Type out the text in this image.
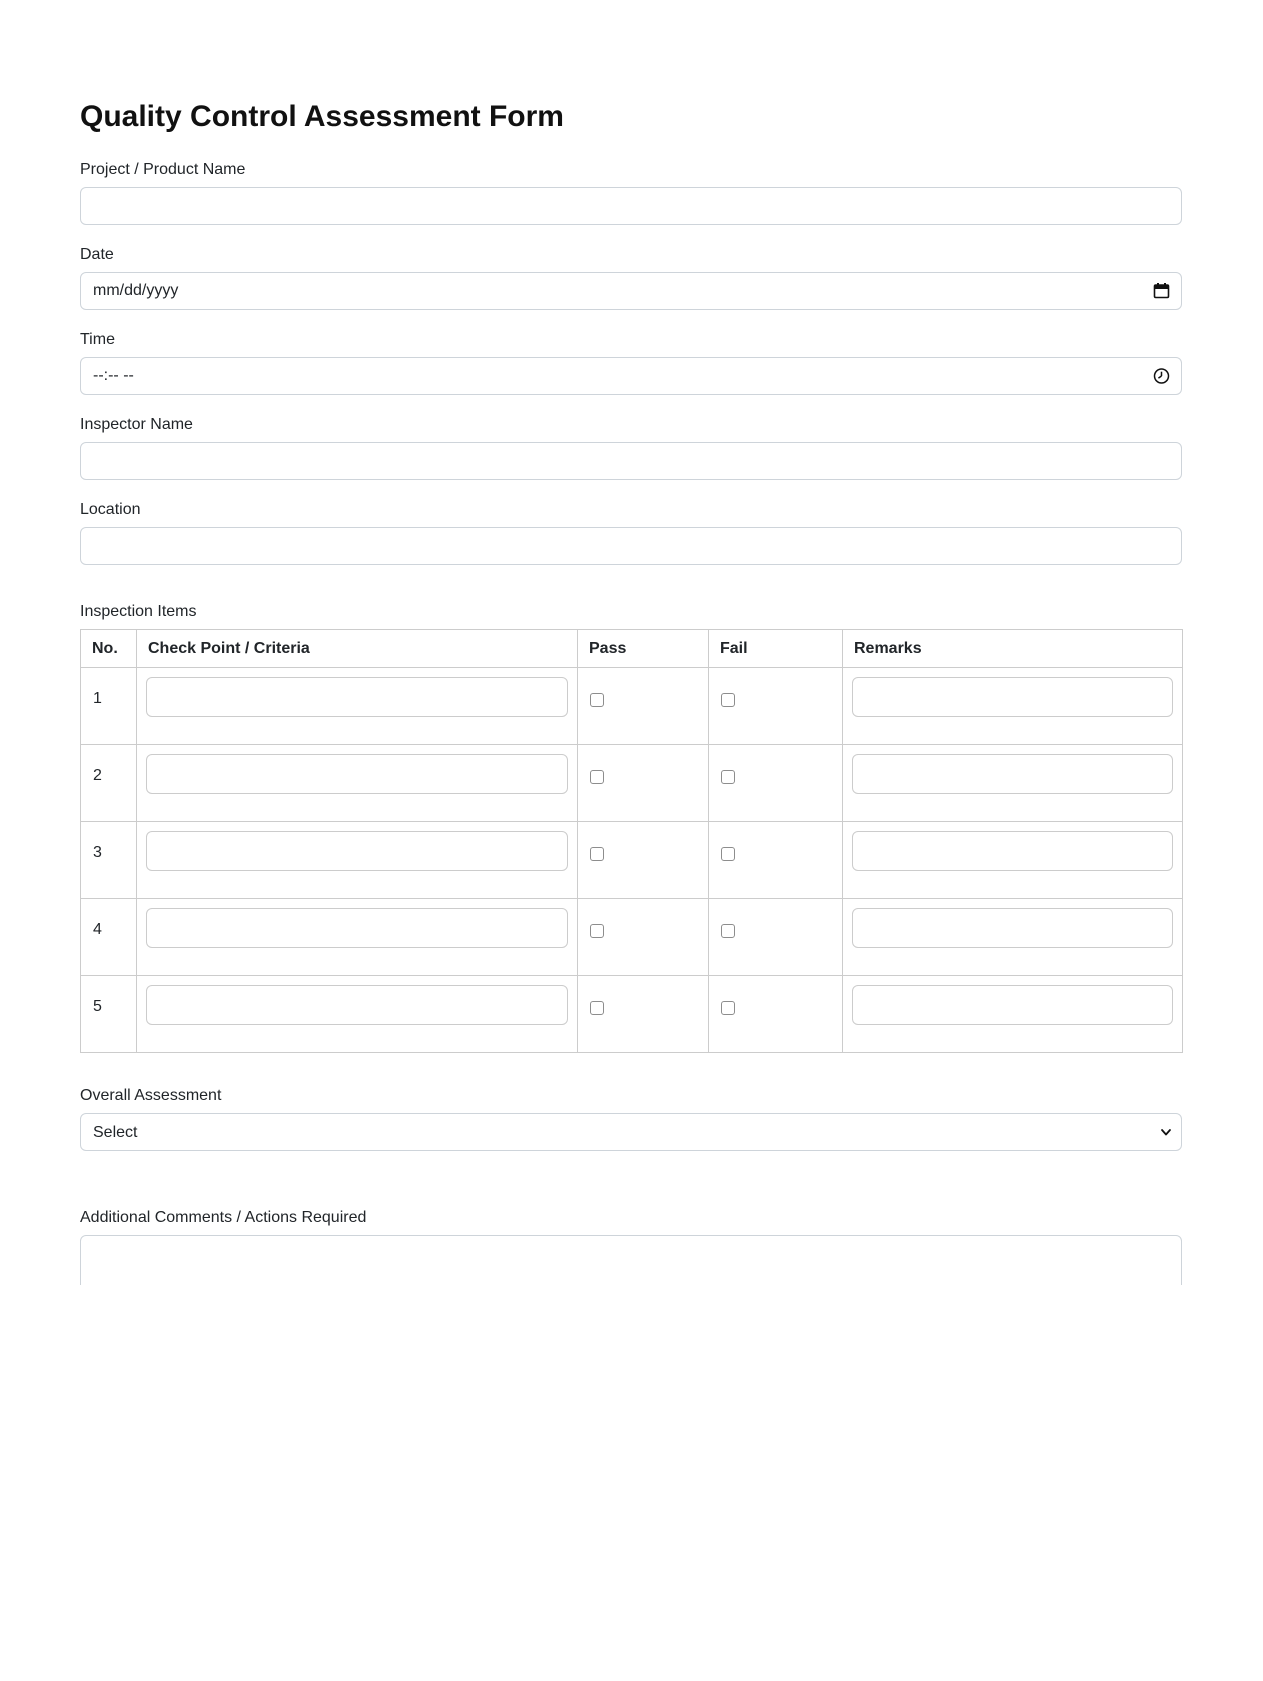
Quality Control Assessment Form
Project / Product Name
Date
mm/dd/yyyy
Time
--:-- --
Inspector Name
Location
Inspection Items
No.	Check Point / Criteria	Pass	Fail	Remarks
1				
2				
3				
4				
5				
Overall Assessment
Select
Additional Comments / Actions Required
